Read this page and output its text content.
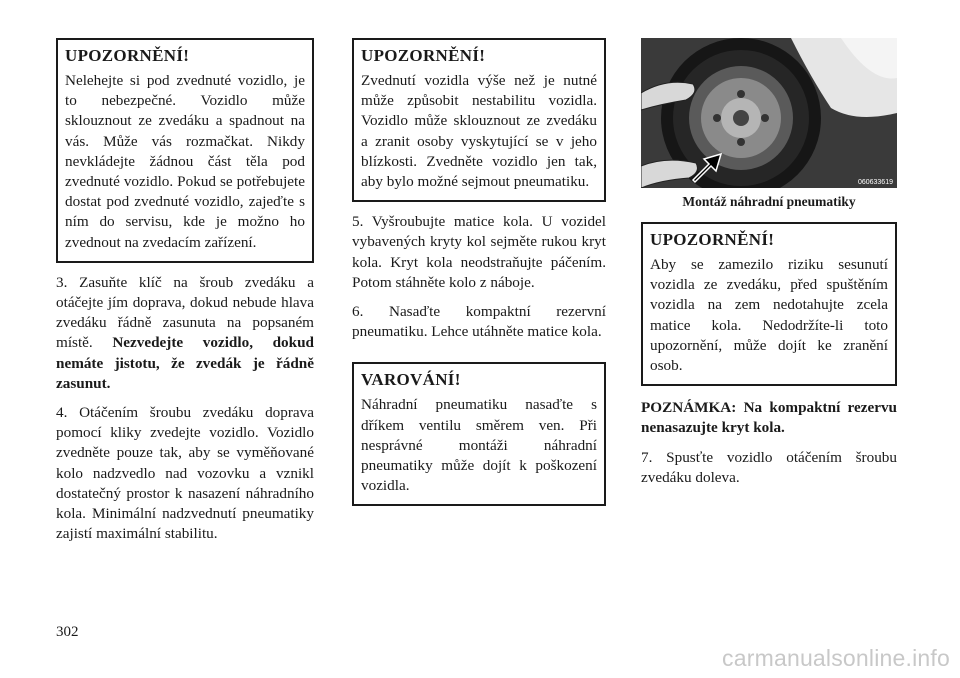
UPOZORNĚNÍ!

Nelehejte si pod zvednuté vozidlo, je to nebezpečné. Vozidlo může sklouznout ze zvedáku a spadnout na vás. Může vás rozmačkat. Nikdy nevkládejte žádnou část těla pod zvednuté vozidlo. Pokud se potřebujete dostat pod zvednuté vozidlo, zajeďte s ním do servisu, kde je možno ho zvednout na zvedacím zařízení.

3. Zasuňte klíč na šroub zvedáku a otáčejte jím doprava, dokud nebude hlava zvedáku řádně zasunuta na popsaném místě. Nezvedejte vozidlo, dokud nemáte jistotu, že zvedák je řádně zasunut.

4. Otáčením šroubu zvedáku doprava pomocí kliky zvedejte vozidlo. Vozidlo zvedněte pouze tak, aby se vyměňované kolo nadzvedlo nad vozovku a vznikl dostatečný prostor k nasazení náhradního kola. Minimální nadzvednutí pneumatiky zajistí maximální stabilitu.

UPOZORNĚNÍ!

Zvednutí vozidla výše než je nutné může způsobit nestabilitu vozidla. Vozidlo může sklouznout ze zvedáku a zranit osoby vyskytující se v jeho blízkosti. Zvedněte vozidlo jen tak, aby bylo možné sejmout pneumatiku.

5. Vyšroubujte matice kola. U vozidel vybavených kryty kol sejměte rukou kryt kola. Kryt kola neodstraňujte páčením. Potom stáhněte kolo z náboje.

6. Nasaďte kompaktní rezervní pneumatiku. Lehce utáhněte matice kola.

VAROVÁNÍ!

Náhradní pneumatiku nasaďte s dříkem ventilu směrem ven. Při nesprávné montáži náhradní pneumatiky může dojít k poškození vozidla.

060633619

Montáž náhradní pneumatiky

UPOZORNĚNÍ!

Aby se zamezilo riziku sesunutí vozidla ze zvedáku, před spuštěním vozidla na zem nedotahujte zcela matice kola. Nedodržíte-li toto upozornění, může dojít ke zranění osob.

POZNÁMKA: Na kompaktní rezervu nenasazujte kryt kola.

7. Spusťte vozidlo otáčením šroubu zvedáku doleva.

302
carmanualsonline.info
